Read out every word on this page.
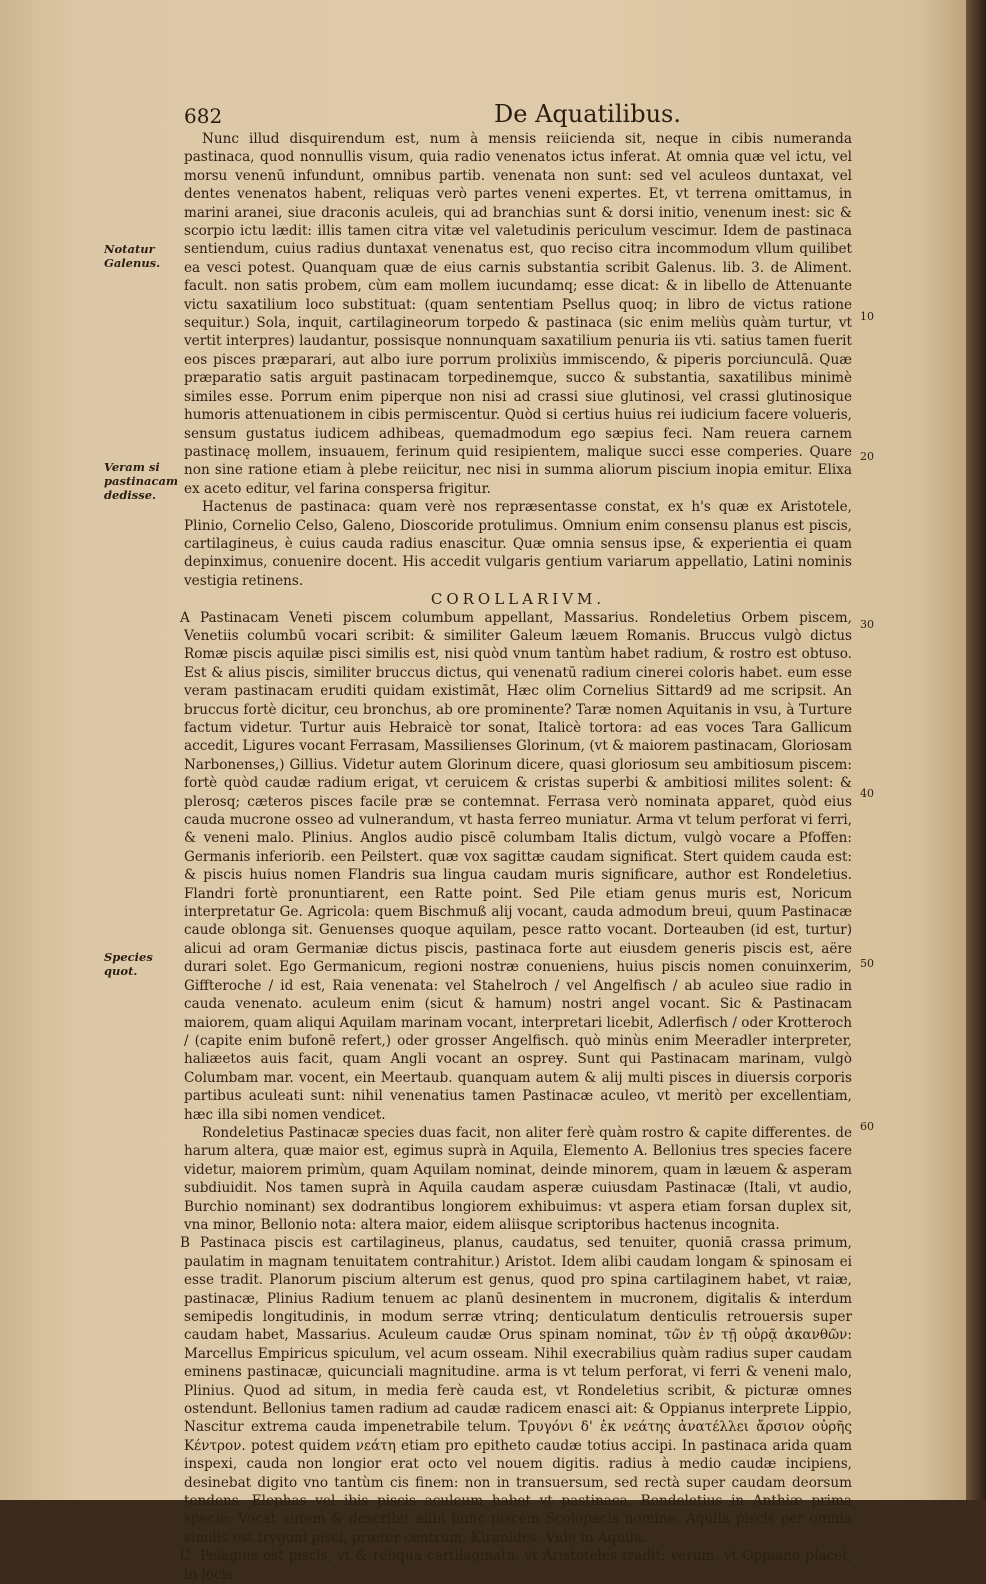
682	De Aquatilibus.
Notatur Galenus.
Veram si pastinacam dedisse.
Species quot.
10
20
30
40
50
60

Nunc illud disquirendum est, num à mensis reiicienda sit, neque in cibis numeranda pastinaca, quod nonnullis visum, quia radio venenatos ictus inferat. At omnia quæ vel ictu, vel morsu venenū infundunt, omnibus partib. venenata non sunt: sed vel aculeos duntaxat, vel dentes venenatos habent, reliquas verò partes veneni expertes. Et, vt terrena omittamus, in marini aranei, siue draconis aculeis, qui ad branchias sunt & dorsi initio, venenum inest: sic & scorpio ictu lædit: illis tamen citra vitæ vel valetudinis periculum vescimur. Idem de pastinaca sentiendum, cuius radius duntaxat venenatus est, quo reciso citra incommodum vllum quilibet ea vesci potest. Quanquam quæ de eius carnis substantia scribit Galenus. lib. 3. de Aliment. facult. non satis probem, cùm eam mollem iucundamq; esse dicat: & in libello de Attenuante victu saxatilium loco substituat: (quam sententiam Psellus quoq; in libro de victus ratione sequitur.) Sola, inquit, cartilagineorum torpedo & pastinaca (sic enim meliùs quàm turtur, vt vertit interpres) laudantur, possisque nonnunquam saxatilium penuria iis vti. satius tamen fuerit eos pisces præparari, aut albo iure porrum prolixiùs immiscendo, & piperis porciunculā. Quæ præparatio satis arguit pastinacam torpedinemque, succo & substantia, saxatilibus minimè similes esse. Porrum enim piperque non nisi ad crassi siue glutinosi, vel crassi glutinosique humoris attenuationem in cibis permiscentur. Quòd si certius huius rei iudicium facere volueris, sensum gustatus iudicem adhibeas, quemadmodum ego sæpius feci. Nam reuera carnem pastinacę mollem, insuauem, ferinum quid resipientem, malique succi esse comperies. Quare non sine ratione etiam à plebe reiicitur, nec nisi in summa aliorum piscium inopia emitur. Elixa ex aceto editur, vel farina conspersa frigitur.

Hactenus de pastinaca: quam verè nos repræsentasse constat, ex h's quæ ex Aristotele, Plinio, Cornelio Celso, Galeno, Dioscoride protulimus. Omnium enim consensu planus est piscis, cartilagineus, è cuius cauda radius enascitur. Quæ omnia sensus ipse, & experientia ei quam depinximus, conuenire docent. His accedit vulgaris gentium variarum appellatio, Latini nominis vestigia retinens.

COROLLARIVM.

A Pastinacam Veneti piscem columbum appellant, Massarius. Rondeletius Orbem piscem, Venetiis columbū vocari scribit: & similiter Galeum læuem Romanis. Bruccus vulgò dictus Romæ piscis aquilæ pisci similis est, nisi quòd vnum tantùm habet radium, & rostro est obtuso. Est & alius piscis, similiter bruccus dictus, qui venenatū radium cinerei coloris habet. eum esse veram pastinacam eruditi quidam existimāt, Hæc olim Cornelius Sittard9 ad me scripsit. An bruccus fortè dicitur, ceu bronchus, ab ore prominente? Taræ nomen Aquitanis in vsu, à Turture factum videtur. Turtur auis Hebraicè tor sonat, Italicè tortora: ad eas voces Tara Gallicum accedit, Ligures vocant Ferrasam, Massilienses Glorinum, (vt & maiorem pastinacam, Gloriosam Narbonenses,) Gillius. Videtur autem Glorinum dicere, quasi gloriosum seu ambitiosum piscem: fortè quòd caudæ radium erigat, vt ceruicem & cristas superbi & ambitiosi milites solent: & plerosq; cæteros pisces facile præ se contemnat. Ferrasa verò nominata apparet, quòd eius cauda mucrone osseo ad vulnerandum, vt hasta ferreo muniatur. Arma vt telum perforat vi ferri, & veneni malo. Plinius. Anglos audio piscē columbam Italis dictum, vulgò vocare a Pfoffen: Germanis inferiorib. een Peilstert. quæ vox sagittæ caudam significat. Stert quidem cauda est: & piscis huius nomen Flandris sua lingua caudam muris significare, author est Rondeletius. Flandri fortè pronuntiarent, een Ratte point. Sed Pile etiam genus muris est, Noricum interpretatur Ge. Agricola: quem Bischmuß alij vocant, cauda admodum breui, quum Pastinacæ caude oblonga sit. Genuenses quoque aquilam, pesce ratto vocant. Dorteauben (id est, turtur) alicui ad oram Germaniæ dictus piscis, pastinaca forte aut eiusdem generis piscis est, aëre durari solet. Ego Germanicum, regioni nostræ conueniens, huius piscis nomen conuinxerim, Giffteroche / id est, Raia venenata: vel Stahelroch / vel Angelfisch / ab aculeo siue radio in cauda venenato. aculeum enim (sicut & hamum) nostri angel vocant. Sic & Pastinacam maiorem, quam aliqui Aquilam marinam vocant, interpretari licebit, Adlerfisch / oder Krotteroch / (capite enim bufonē refert,) oder grosser Angelfisch. quò minùs enim Meeradler interpreter, haliæetos auis facit, quam Angli vocant an ospreɏ. Sunt qui Pastinacam marinam, vulgò Columbam mar. vocent, ein Meertaub. quanquam autem & alij multi pisces in diuersis corporis partibus aculeati sunt: nihil venenatius tamen Pastinacæ aculeo, vt meritò per excellentiam, hæc illa sibi nomen vendicet.

Rondeletius Pastinacæ species duas facit, non aliter ferè quàm rostro & capite differentes. de harum altera, quæ maior est, egimus suprà in Aquila, Elemento A. Bellonius tres species facere videtur, maiorem primùm, quam Aquilam nominat, deinde minorem, quam in læuem & asperam subdiuidit. Nos tamen suprà in Aquila caudam asperæ cuiusdam Pastinacæ (Itali, vt audio, Burchio nominant) sex dodrantibus longiorem exhibuimus: vt aspera etiam forsan duplex sit, vna minor, Bellonio nota: altera maior, eidem aliisque scriptoribus hactenus incognita.

B Pastinaca piscis est cartilagineus, planus, caudatus, sed tenuiter, quoniā crassa primum, paulatim in magnam tenuitatem contrahitur.) Aristot. Idem alibi caudam longam & spinosam ei esse tradit. Planorum piscium alterum est genus, quod pro spina cartilaginem habet, vt raiæ, pastinacæ, Plinius Radium tenuem ac planū desinentem in mucronem, digitalis & interdum semipedis longitudinis, in modum serræ vtrinq; denticulatum denticulis retrouersis super caudam habet, Massarius. Aculeum caudæ Orus spinam nominat, τῶν ἐν τῇ οὐρᾷ ἀκανθῶν: Marcellus Empiricus spiculum, vel acum osseam. Nihil execrabilius quàm radius super caudam eminens pastinacæ, quicunciali magnitudine. arma is vt telum perforat, vi ferri & veneni malo, Plinius. Quod ad situm, in media ferè cauda est, vt Rondeletius scribit, & picturæ omnes ostendunt. Bellonius tamen radium ad caudæ radicem enasci ait: & Oppianus interprete Lippio, Nascitur extrema cauda impenetrabile telum. Τρυγόνι δ' ἐκ νεάτης ἀνατέλλει ἄρσιον οὐρῆς Κέντρον. potest quidem νεάτη etiam pro epitheto caudæ totius accipi. In pastinaca arida quam inspexi, cauda non longior erat octo vel nouem digitis. radius à medio caudæ incipiens, desinebat digito vno tantùm cis finem: non in transuersum, sed rectà super caudam deorsum tendens. Elephas vel ibis piscis aculeum habet vt pastinaca, Rondeletius in Anthiæ prima specie: Vocat autem & describit alibi hunc piscem Scolopacis nomine. Aquila piscis per omnia similis est trygoni pisci, præter centrum, Kiranides. Vide in Aquila.

C Pelagius est piscis, vt & reliqua cartilaginata, vt Aristoteles tradit: verùm, vt Oppiano placet, in locis
